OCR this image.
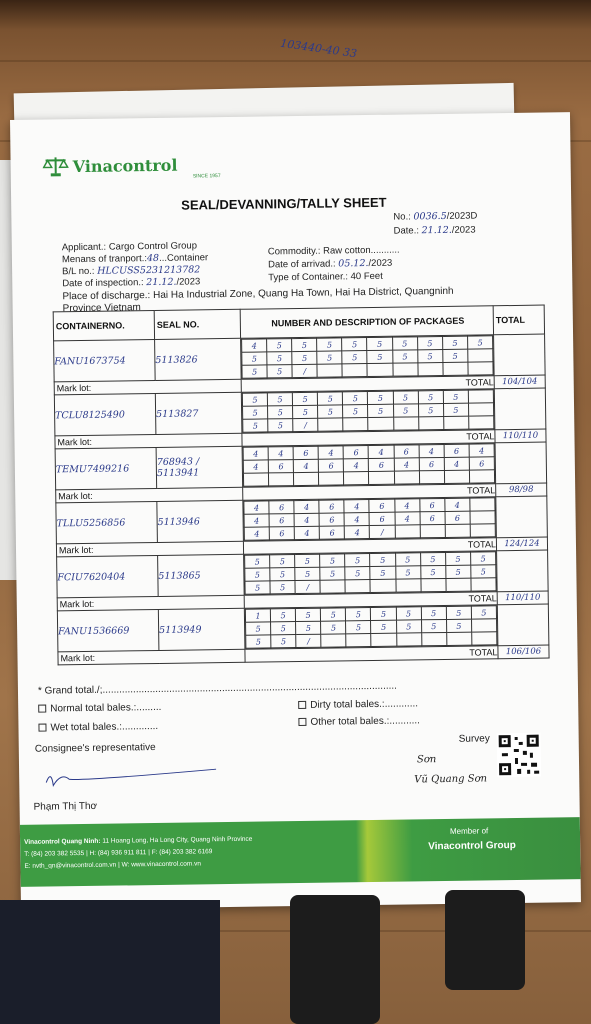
103440-40 33
Vinacontrol
SINCE 1957
SEAL/DEVANNING/TALLY SHEET
No.: 0036.5/2023D
Date.: 21.12./2023
Applicant.: Cargo Control Group
Menans of tranport.:48...Container
B/L no.: HLCUSS5231213782
Date of inspection.: 21.12./2023
Commodity.: Raw cotton...........
Date of arrivad.: 05.12./2023
Type of Container.: 40 Feet
Place of discharge.: Hai Ha Industrial Zone, Quang Ha Town, Hai Ha District, Quangninh
Province Vietnam
CONTAINERNO.	SEAL NO.	NUMBER AND DESCRIPTION OF PACKAGES	TOTAL
FANU1673754	5113826	
4	5	5	5	5	5	5	5	5	5
5	5	5	5	5	5	5	5	5	
5	5	/							

Mark lot:	TOTAL	104/104
TCLU8125490	5113827	
5	5	5	5	5	5	5	5	5	
5	5	5	5	5	5	5	5	5	
5	5	/							

Mark lot:	TOTAL	110/110
TEMU7499216	768943 / 5113941	
4	4	6	4	6	4	6	4	6	4
4	6	4	6	4	6	4	6	4	6

Mark lot:	TOTAL	98/98
TLLU5256856	5113946	
4	6	4	6	4	6	4	6	4	
4	6	4	6	4	6	4	6	6	
4	6	4	6	4	/				

Mark lot:	TOTAL	124/124
FCIU7620404	5113865	
5	5	5	5	5	5	5	5	5	5
5	5	5	5	5	5	5	5	5	5
5	5	/							

Mark lot:	TOTAL	110/110
FANU1536669	5113949	
1	5	5	5	5	5	5	5	5	5
5	5	5	5	5	5	5	5	5	
5	5	/							

Mark lot:	TOTAL	106/106
* Grand total./;..........................................................................................................
Normal total bales.:.........	Dirty total bales.:............
Wet total bales.:.............	Other total bales.:...........
Consignee's representative
Survey
Sơn
Vũ Quang Sơn
Phạm Thị Thơ
Vinacontrol Quang Ninh: 11 Hoang Long, Ha Long City, Quang Ninh Province
T: (84) 203 382 5535 | H: (84) 936 911 811 | F: (84) 203 382 6169
E: nvth_qn@vinacontrol.com.vn | W: www.vinacontrol.com.vn
Member of
Vinacontrol Group
